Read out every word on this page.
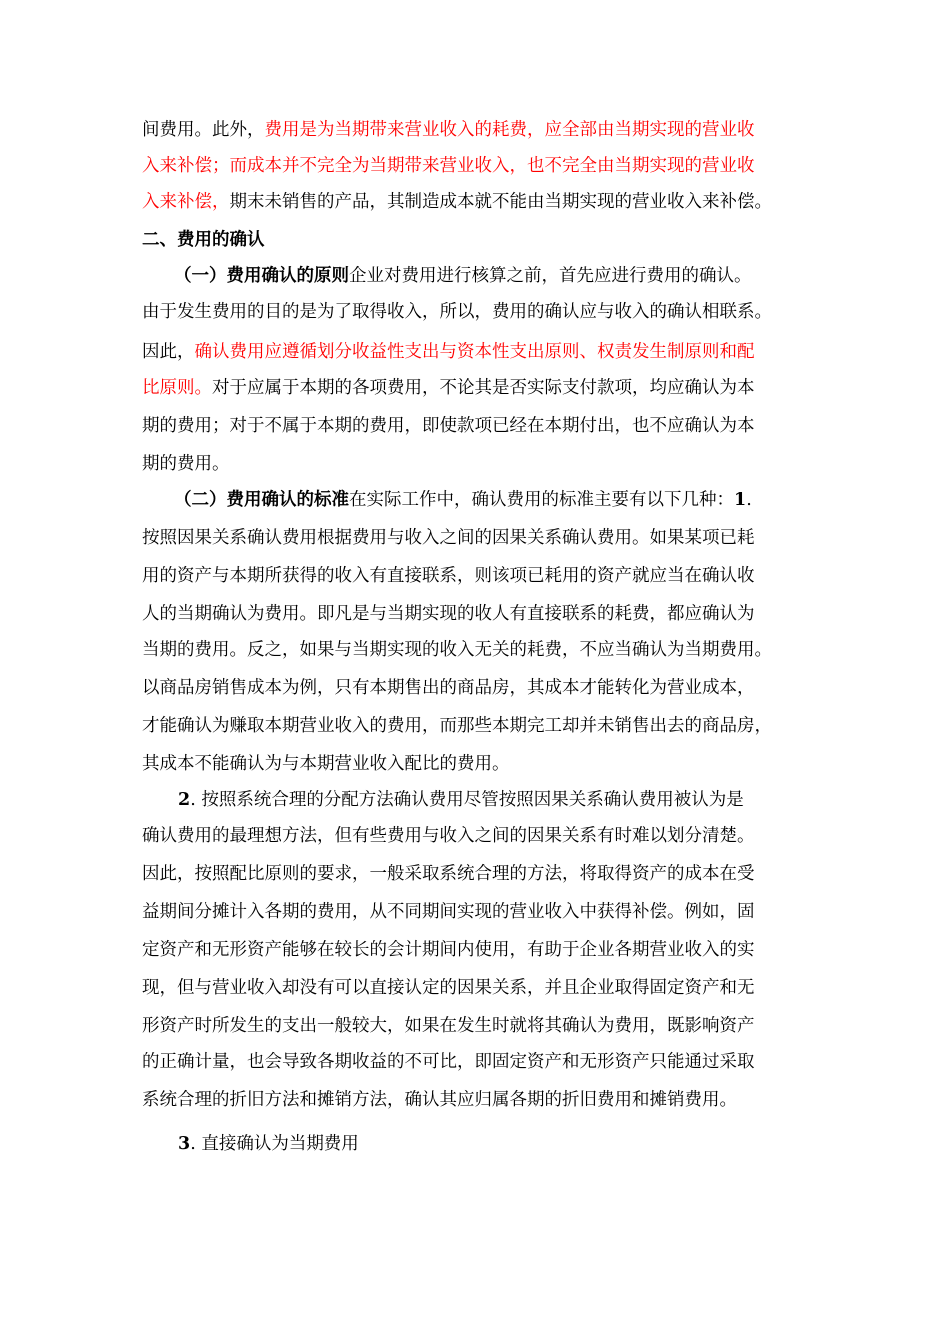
间费用。此外，费用是为当期带来营业收入的耗费，应全部由当期实现的营业收
入来补偿；而成本并不完全为当期带来营业收入，也不完全由当期实现的营业收
入来补偿，期末未销售的产品，其制造成本就不能由当期实现的营业收入来补偿。
二、费用的确认
（一）费用确认的原则企业对费用进行核算之前，首先应进行费用的确认。
由于发生费用的目的是为了取得收入，所以，费用的确认应与收入的确认相联系。
因此，确认费用应遵循划分收益性支出与资本性支出原则、权责发生制原则和配
比原则。对于应属于本期的各项费用，不论其是否实际支付款项，均应确认为本
期的费用；对于不属于本期的费用，即使款项已经在本期付出，也不应确认为本
期的费用。
（二）费用确认的标准在实际工作中，确认费用的标准主要有以下几种：1.
按照因果关系确认费用根据费用与收入之间的因果关系确认费用。如果某项已耗
用的资产与本期所获得的收入有直接联系，则该项已耗用的资产就应当在确认收
人的当期确认为费用。即凡是与当期实现的收人有直接联系的耗费，都应确认为
当期的费用。反之，如果与当期实现的收入无关的耗费，不应当确认为当期费用。
以商品房销售成本为例，只有本期售出的商品房，其成本才能转化为营业成本，
才能确认为赚取本期营业收入的费用，而那些本期完工却并未销售出去的商品房，
其成本不能确认为与本期营业收入配比的费用。
2. 按照系统合理的分配方法确认费用尽管按照因果关系确认费用被认为是
确认费用的最理想方法，但有些费用与收入之间的因果关系有时难以划分清楚。
因此，按照配比原则的要求，一般采取系统合理的方法，将取得资产的成本在受
益期间分摊计入各期的费用，从不同期间实现的营业收入中获得补偿。例如，固
定资产和无形资产能够在较长的会计期间内使用，有助于企业各期营业收入的实
现，但与营业收入却没有可以直接认定的因果关系，并且企业取得固定资产和无
形资产时所发生的支出一般较大，如果在发生时就将其确认为费用，既影响资产
的正确计量，也会导致各期收益的不可比，即固定资产和无形资产只能通过采取
系统合理的折旧方法和摊销方法，确认其应归属各期的折旧费用和摊销费用。
3. 直接确认为当期费用
